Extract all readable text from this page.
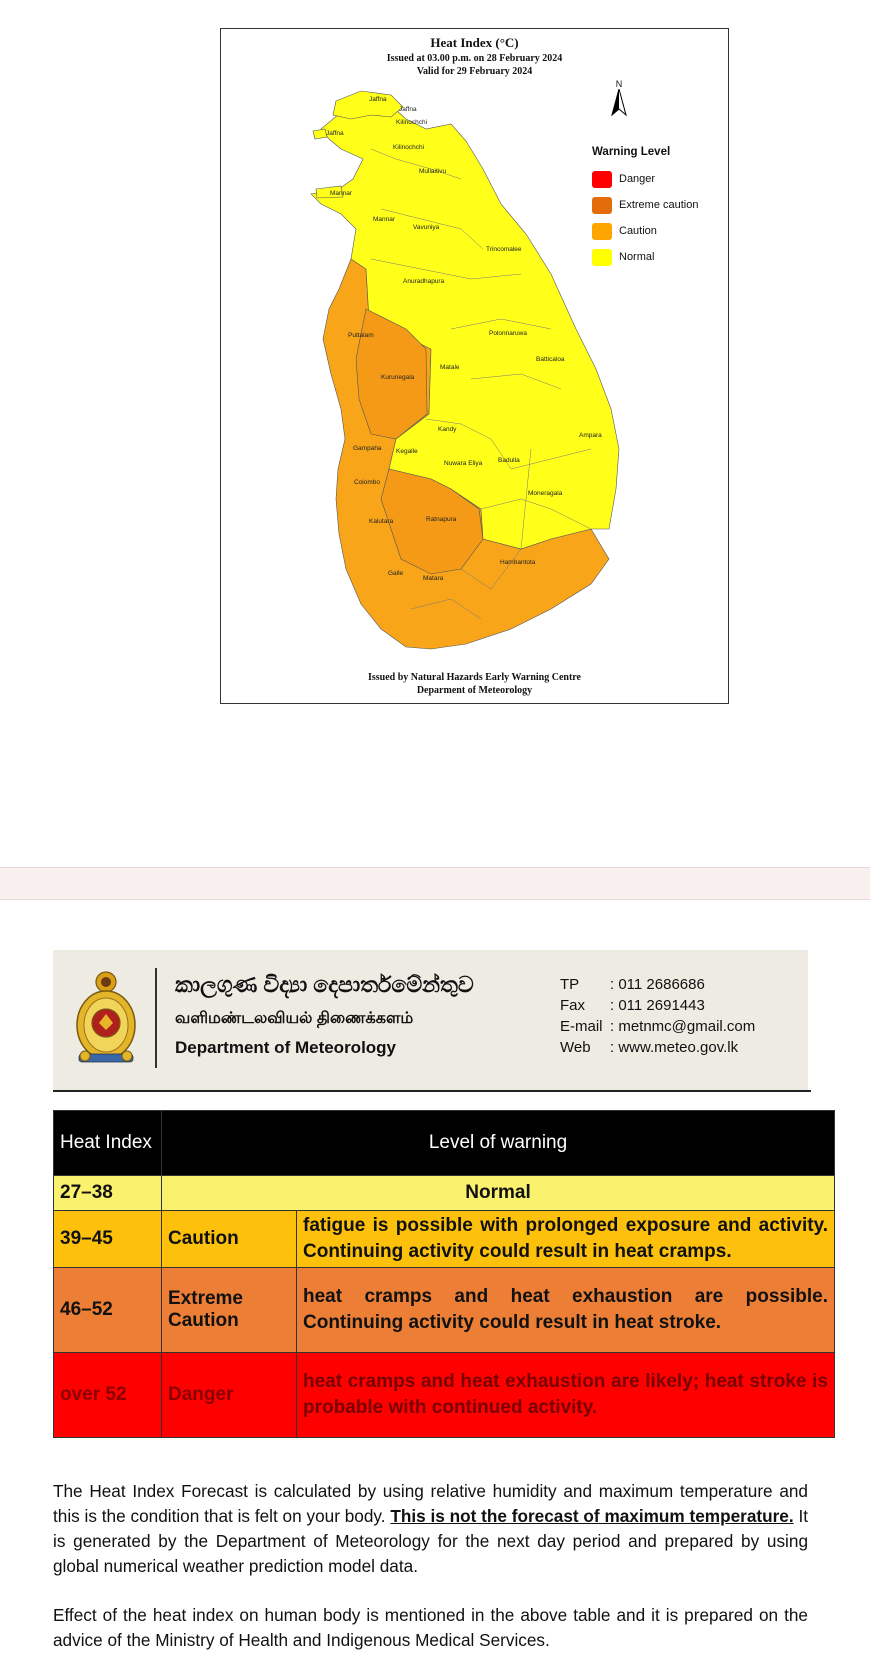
Jaffna
Jaffna
Kilinochchi
Jaffna
Kilinochchi
Mullaitivu
Mannar
Mannar
Vavuniya
Trincomalee
Anuradhapura
Puttalam	Polonnaruwa
Batticaloa
Kurunegala
Matale
Kandy
Ampara
Gampaha Kegalle
Nuwara Eliya Badulla
Colombo
Moneragala
Kalutara	Ratnapura
Hambantota
Galle
Matara
Heat Index (°C)
Issued at 03.00 p.m. on 28 February 2024
Valid for 29 February 2024
N
Warning Level
Danger
Extreme caution
Caution
Normal
Issued by Natural Hazards Early Warning Centre
Deparment of Meteorology
කාලගුණ විද්‍යා දෙපාර්තමේන්තුව
வளிமண்டலவியல் திணைக்களம்
Department of Meteorology
TP	: 011 2686686
Fax	: 011 2691443
E-mail : metnmc@gmail.com
Web	: www.meteo.gov.lk
Heat Index	Level of warning	
27–38	Normal	
39–45	Caution	fatigue is possible with prolonged exposure and activity. Continuing activity could result in heat cramps.
46–52	Extreme Caution	heat cramps and heat exhaustion are possible. Continuing activity could result in heat stroke.
over 52	Danger	heat cramps and heat exhaustion are likely; heat stroke is probable with continued activity.
The Heat Index Forecast is calculated by using relative humidity and maximum temperature and this is the condition that is felt on your body. This is not the forecast of maximum temperature. It is generated by the Department of Meteorology for the next day period and prepared by using global numerical weather prediction model data.
Effect of the heat index on human body is mentioned in the above table and it is prepared on the advice of the Ministry of Health and Indigenous Medical Services.
